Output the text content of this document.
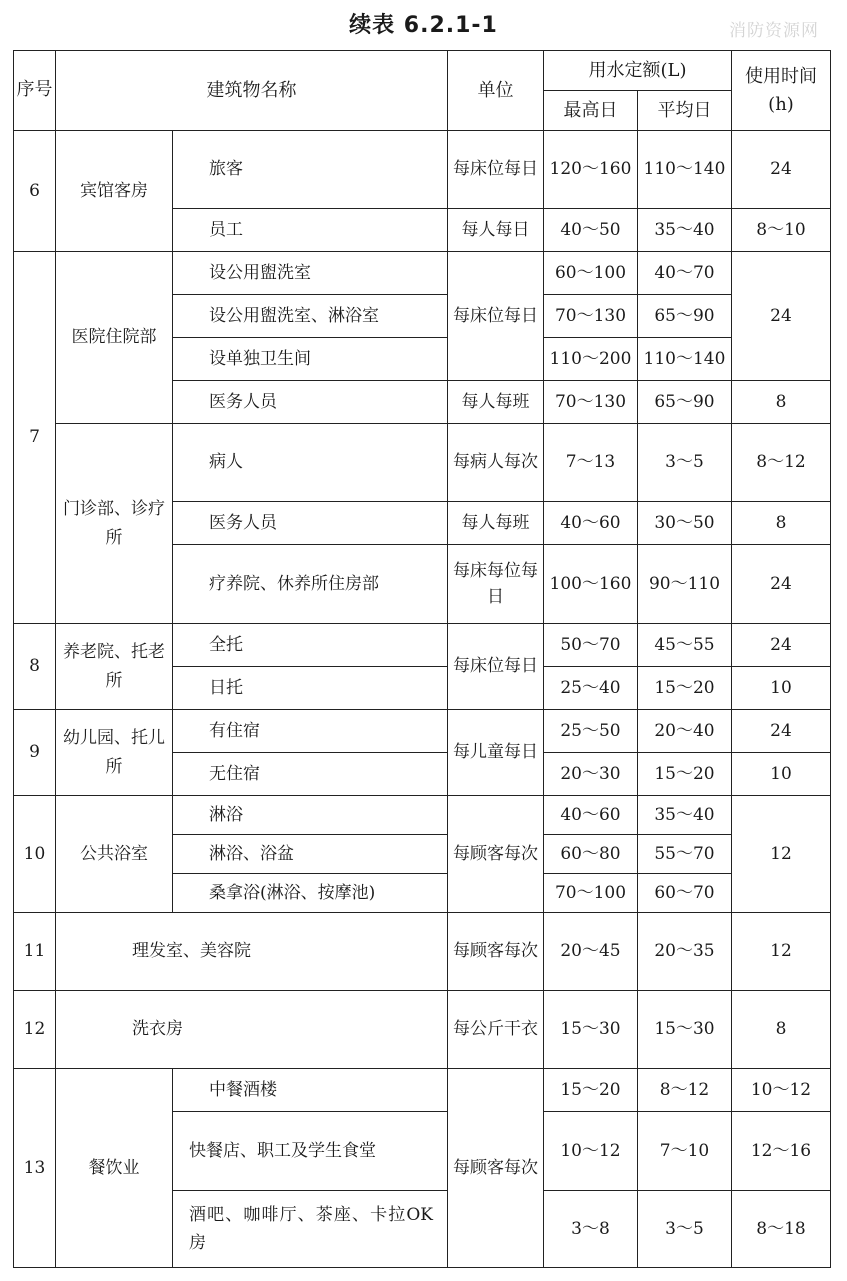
续表 6.2.1-1	消防资源网
序号	建筑物名称		单位	用水定额(L)		使用时间
(h)

				最高日	平均日	
6	宾馆客房	旅客	每床位每日	120～160	110～140	24
		员工	每人每日	40～50	35～40	8～10
7	医院住院部	设公用盥洗室	每床位每日	60～100	40～70	24
		设公用盥洗室、淋浴室		70～130	65～90	
		设单独卫生间		110～200	110～140	
		医务人员	每人每班	70～130	65～90	8
	门诊部、诊疗所	病人	每病人每次	7～13	3～5	8～12
		医务人员	每人每班	40～60	30～50	8
		疗养院、休养所住房部	每床每位每日	100～160	90～110	24
8	养老院、托老所	全托	每床位每日	50～70	45～55	24
		日托		25～40	15～20	10
9	幼儿园、托儿所	有住宿	每儿童每日	25～50	20～40	24
		无住宿		20～30	15～20	10
10	公共浴室	淋浴	每顾客每次	40～60	35～40	12
		淋浴、浴盆		60～80	55～70	
		桑拿浴(淋浴、按摩池)		70～100	60～70	
11	理发室、美容院		每顾客每次	20～45	20～35	12
12	洗衣房		每公斤干衣	15～30	15～30	8
13	餐饮业	中餐酒楼	每顾客每次	15～20	8～12	10～12
		快餐店、职工及学生食堂		10～12	7～10	12～16
		酒吧、咖啡厅、茶座、卡拉OK房		3～8	3～5	8～18
